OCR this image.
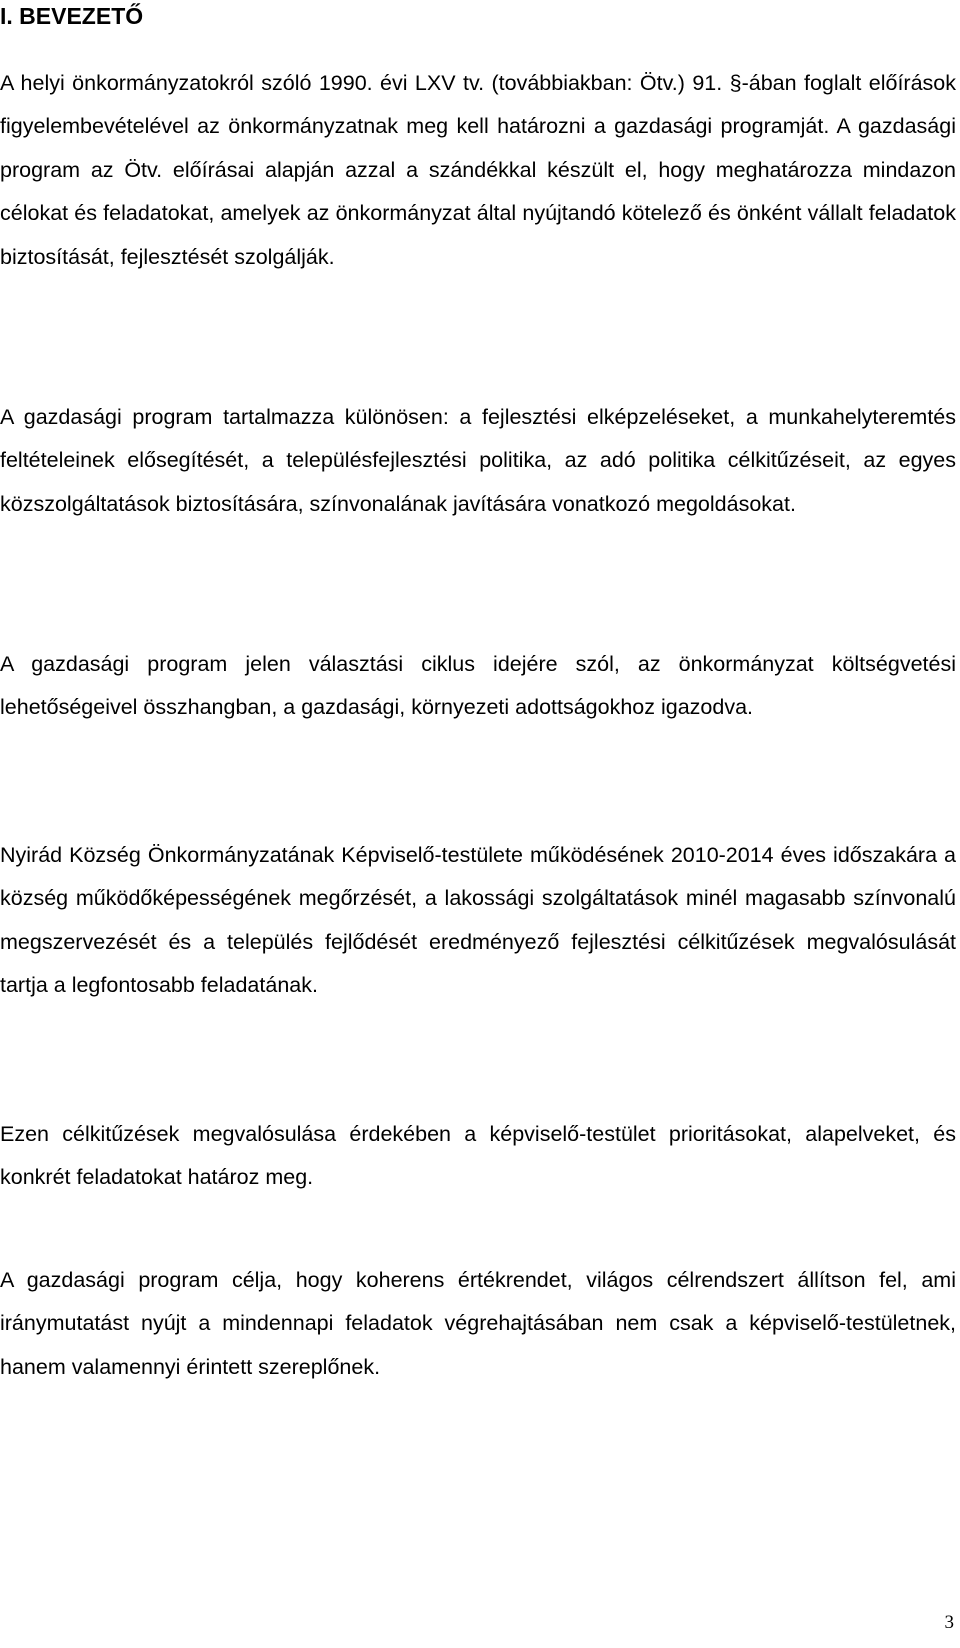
I. BEVEZETŐ

A helyi önkormányzatokról szóló 1990. évi LXV tv. (továbbiakban: Ötv.) 91. §-ában foglalt előírások figyelembevételével az önkormányzatnak meg kell határozni a gazdasági programját. A gazdasági program az Ötv. előírásai alapján azzal a szándékkal készült el, hogy meghatározza mindazon célokat és feladatokat, amelyek az önkormányzat által nyújtandó kötelező és önként vállalt feladatok biztosítását, fejlesztését szolgálják.

A gazdasági program tartalmazza különösen: a fejlesztési elképzeléseket, a munkahelyteremtés feltételeinek elősegítését, a településfejlesztési politika, az adó politika célkitűzéseit, az egyes közszolgáltatások biztosítására, színvonalának javítására vonatkozó megoldásokat.

A gazdasági program jelen választási ciklus idejére szól, az önkormányzat költségvetési lehetőségeivel összhangban, a gazdasági, környezeti adottságokhoz igazodva.

Nyirád Község Önkormányzatának Képviselő-testülete működésének 2010-2014 éves időszakára a község működőképességének megőrzését, a lakossági szolgáltatások minél magasabb színvonalú megszervezését és a település fejlődését eredményező fejlesztési célkitűzések megvalósulását tartja a legfontosabb feladatának.

Ezen célkitűzések megvalósulása érdekében a képviselő-testület prioritásokat, alapelveket, és konkrét feladatokat határoz meg.

A gazdasági program célja, hogy koherens értékrendet, világos célrendszert állítson fel, ami iránymutatást nyújt a mindennapi feladatok végrehajtásában nem csak a képviselő-testületnek, hanem valamennyi érintett szereplőnek.

3
